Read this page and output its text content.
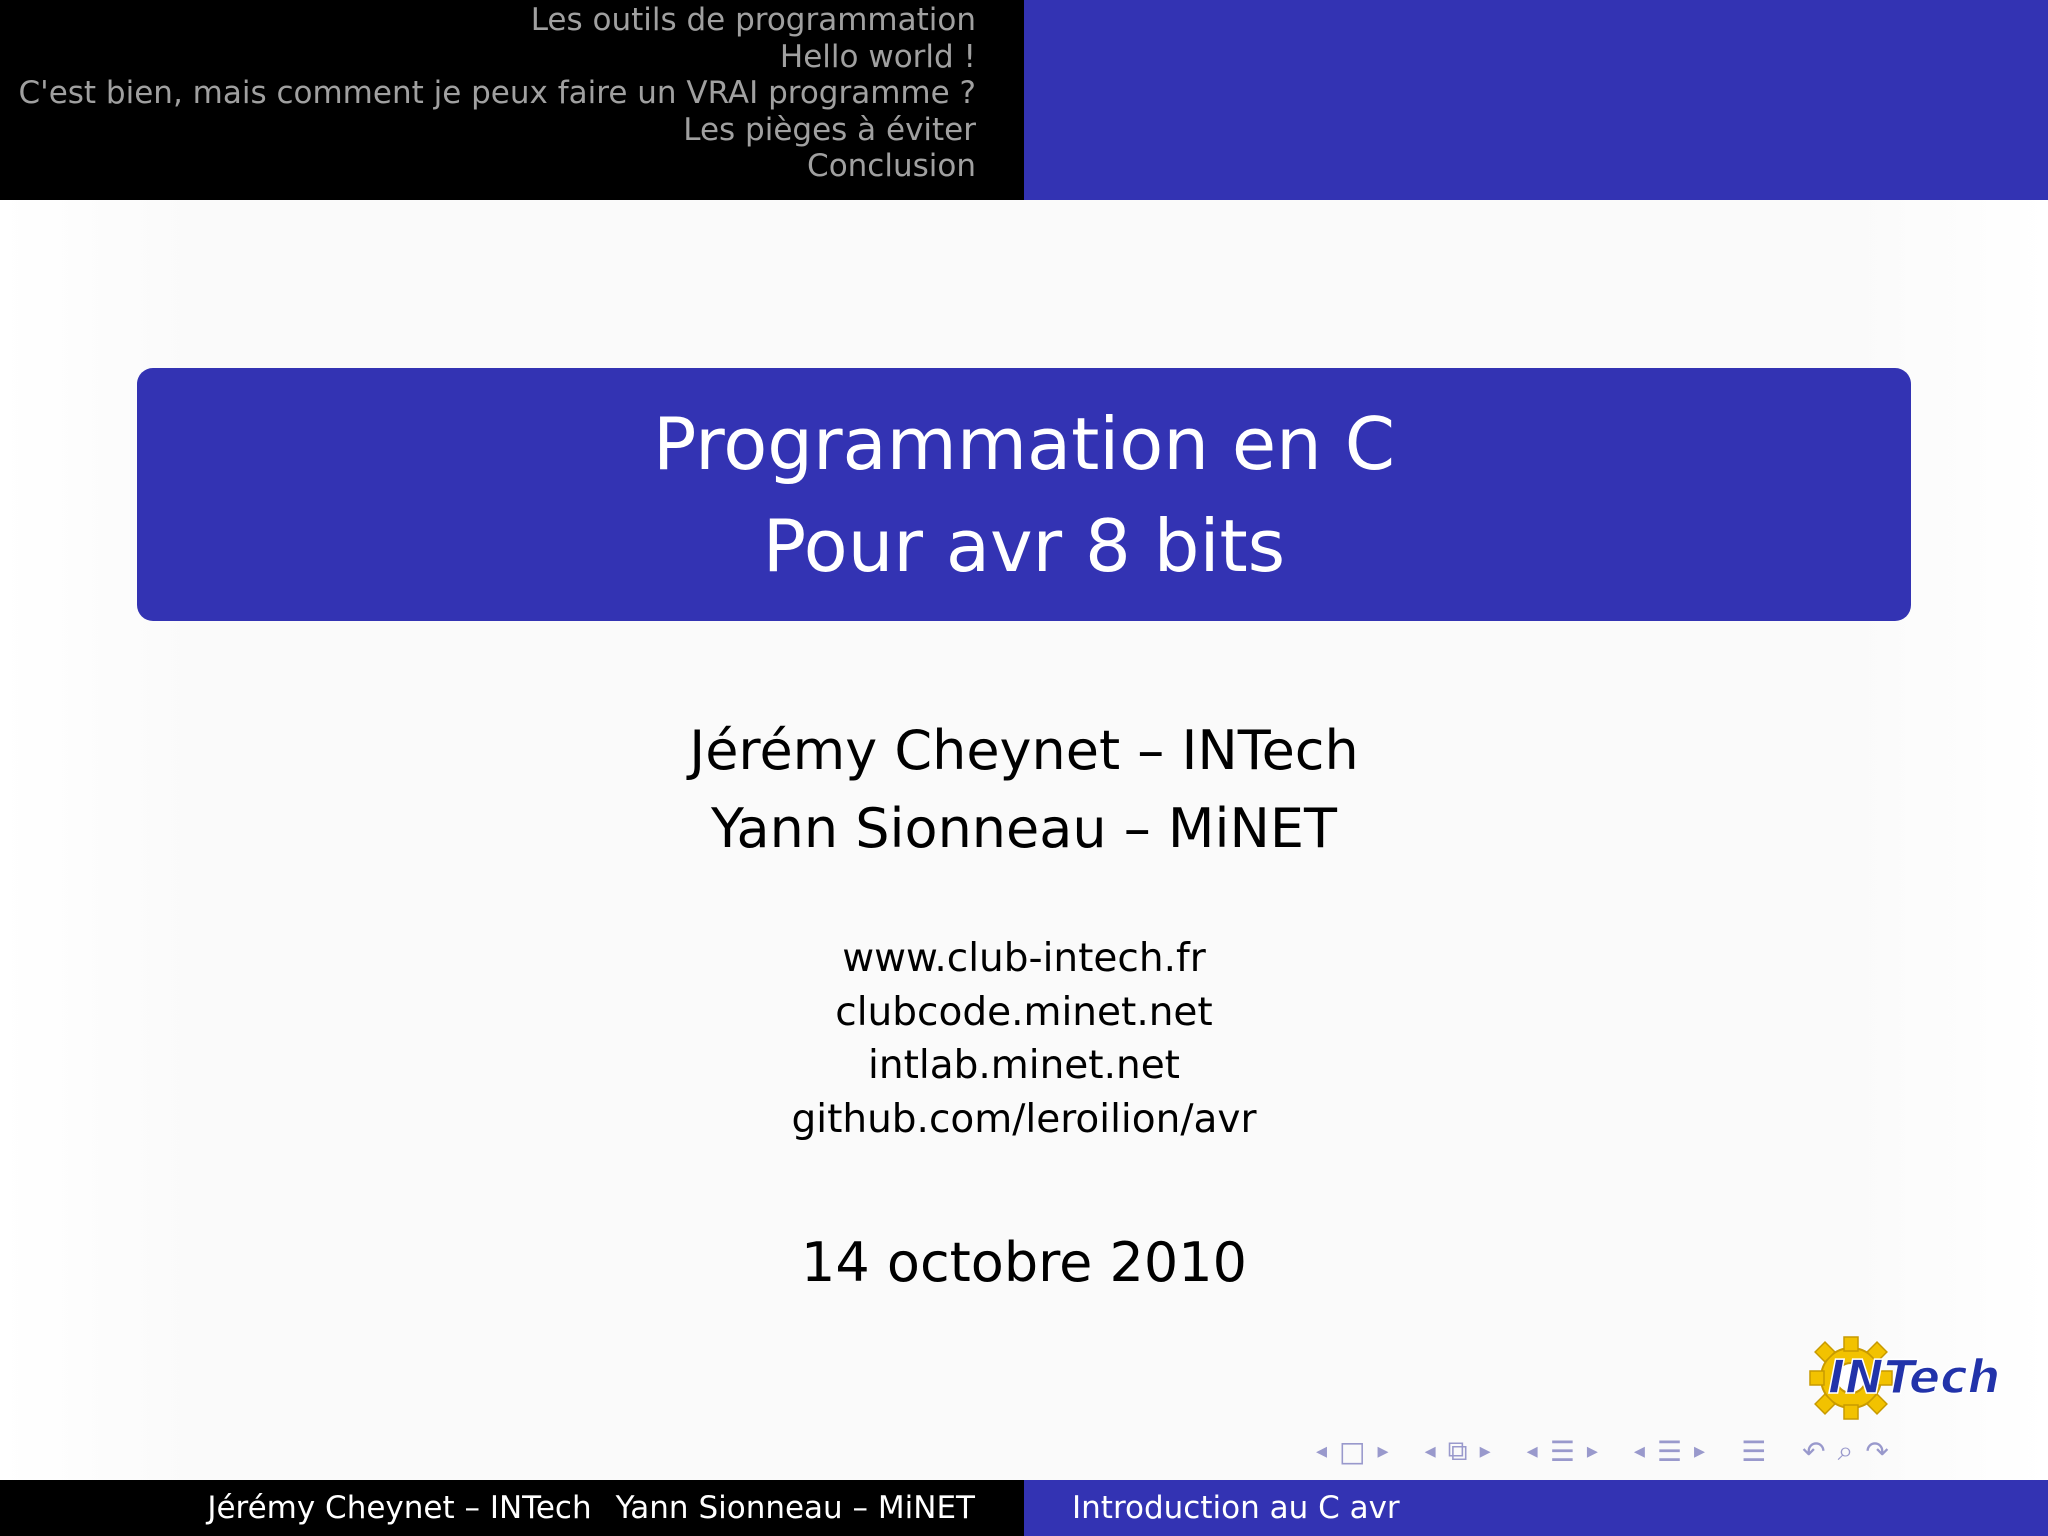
Les outils de programmation
Hello world !
C'est bien, mais comment je peux faire un VRAI programme ?
Les pièges à éviter
Conclusion
Programmation en C
Pour avr 8 bits
Jérémy Cheynet – INTech
Yann Sionneau – MiNET
www.club-intech.fr
clubcode.minet.net
intlab.minet.net
github.com/leroilion/avr
14 octobre 2010
INTech
◂ □ ▸ ◂ ⧉ ▸ ◂ ☰ ▸ ◂ ☰ ▸ ☰ ↶ ⌕ ↷
Jérémy Cheynet – INTech Yann Sionneau – MiNET	Introduction au C avr
